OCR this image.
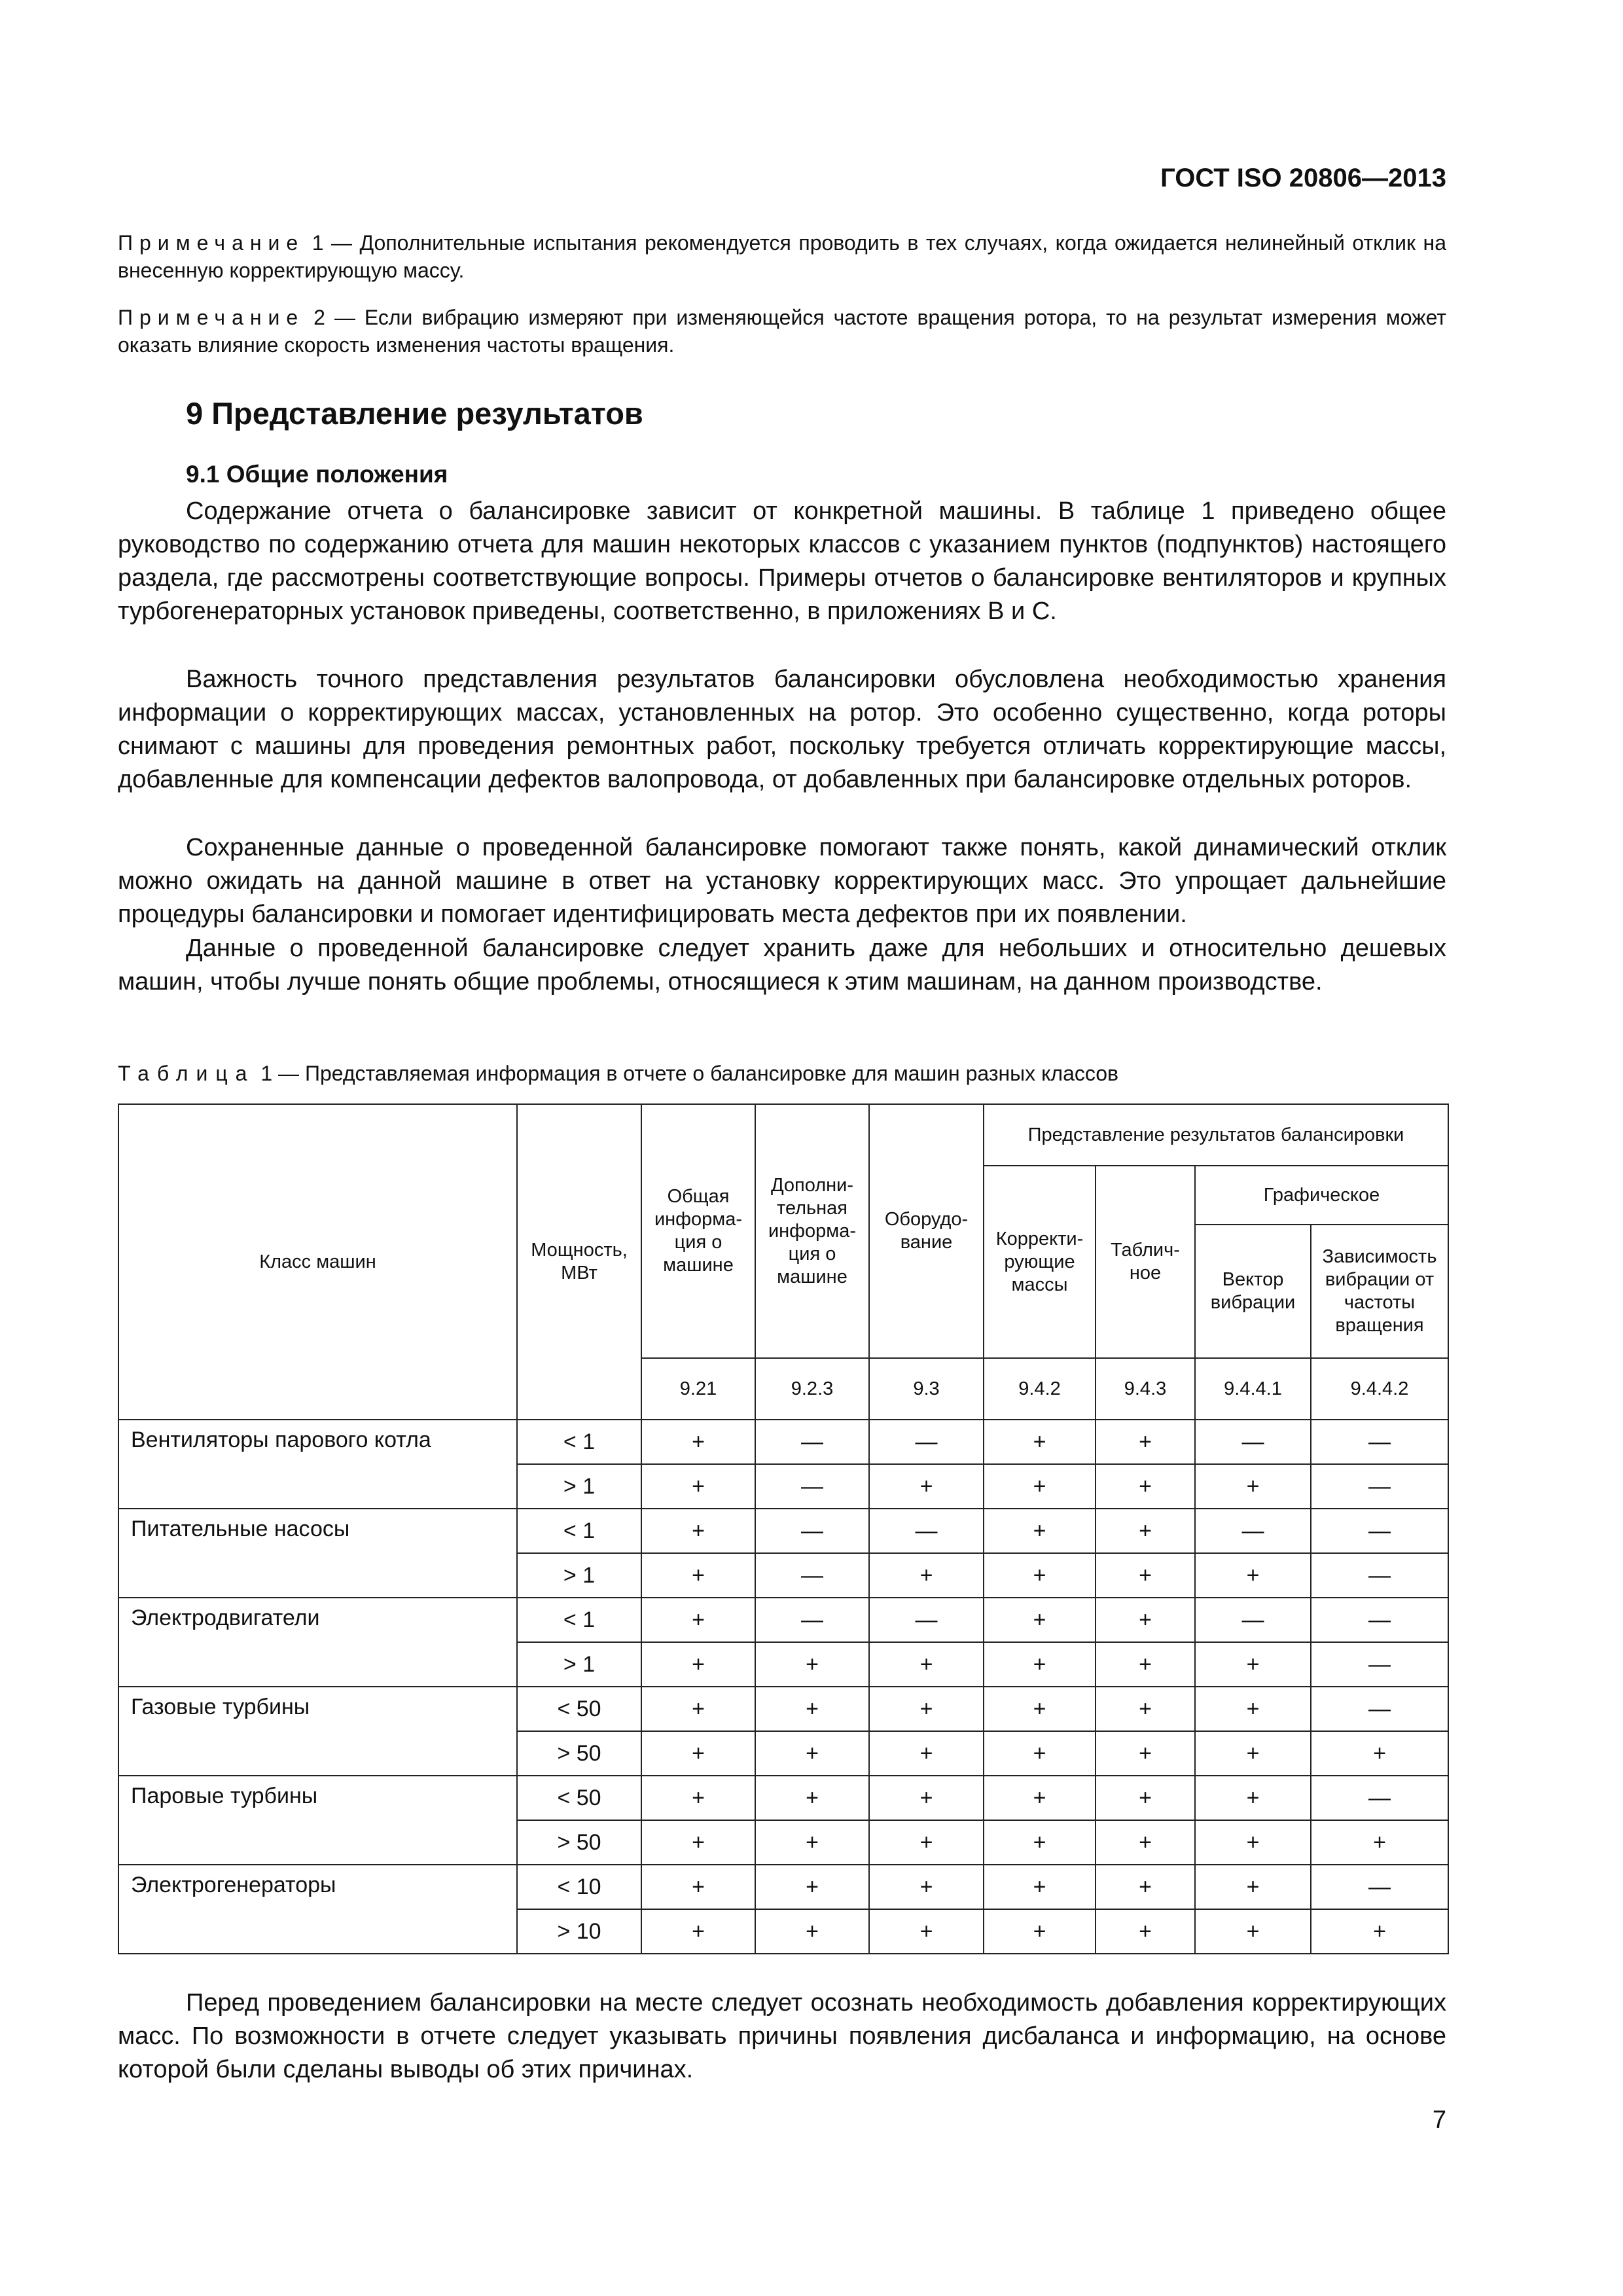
ГОСТ ISO 20806—2013
Примечание 1 — Дополнительные испытания рекомендуется проводить в тех случаях, когда ожидается нелинейный отклик на внесенную корректирующую массу.
Примечание 2 — Если вибрацию измеряют при изменяющейся частоте вращения ротора, то на результат измерения может оказать влияние скорость изменения частоты вращения.
9 Представление результатов
9.1 Общие положения
Содержание отчета о балансировке зависит от конкретной машины. В таблице 1 приведено общее руководство по содержанию отчета для машин некоторых классов с указанием пунктов (подпунктов) настоящего раздела, где рассмотрены соответствующие вопросы. Примеры отчетов о балансировке вентиляторов и крупных турбогенераторных установок приведены, соответственно, в приложениях В и С.
Важность точного представления результатов балансировки обусловлена необходимостью хранения информации о корректирующих массах, установленных на ротор. Это особенно существенно, когда роторы снимают с машины для проведения ремонтных работ, поскольку требуется отличать корректирующие массы, добавленные для компенсации дефектов валопровода, от добавленных при балансировке отдельных роторов.
Сохраненные данные о проведенной балансировке помогают также понять, какой динамический отклик можно ожидать на данной машине в ответ на установку корректирующих масс. Это упрощает дальнейшие процедуры балансировки и помогает идентифицировать места дефектов при их появлении.
Данные о проведенной балансировке следует хранить даже для небольших и относительно дешевых машин, чтобы лучше понять общие проблемы, относящиеся к этим машинам, на данном производстве.
Таблица 1 — Представляемая информация в отчете о балансировке для машин разных классов
Класс машин	Мощность, МВт	Общая информа-ция о машине	Дополни-тельная информа-ция о машине	Оборудо-вание	Представление результатов балансировки			
					Корректи-рующие массы	Таблич-ное	Графическое	
							Вектор вибрации	Зависимость вибрации от частоты вращения
		9.21	9.2.3	9.3	9.4.2	9.4.3	9.4.4.1	9.4.4.2
Вентиляторы парового котла	< 1	+	—	—	+	+	—	—
	> 1	+	—	+	+	+	+	—
Питательные насосы	< 1	+	—	—	+	+	—	—
	> 1	+	—	+	+	+	+	—
Электродвигатели	< 1	+	—	—	+	+	—	—
	> 1	+	+	+	+	+	+	—
Газовые турбины	< 50	+	+	+	+	+	+	—
	> 50	+	+	+	+	+	+	+
Паровые турбины	< 50	+	+	+	+	+	+	—
	> 50	+	+	+	+	+	+	+
Электрогенераторы	< 10	+	+	+	+	+	+	—
	> 10	+	+	+	+	+	+	+
Перед проведением балансировки на месте следует осознать необходимость добавления корректирующих масс. По возможности в отчете следует указывать причины появления дисбаланса и информацию, на основе которой были сделаны выводы об этих причинах.
7
